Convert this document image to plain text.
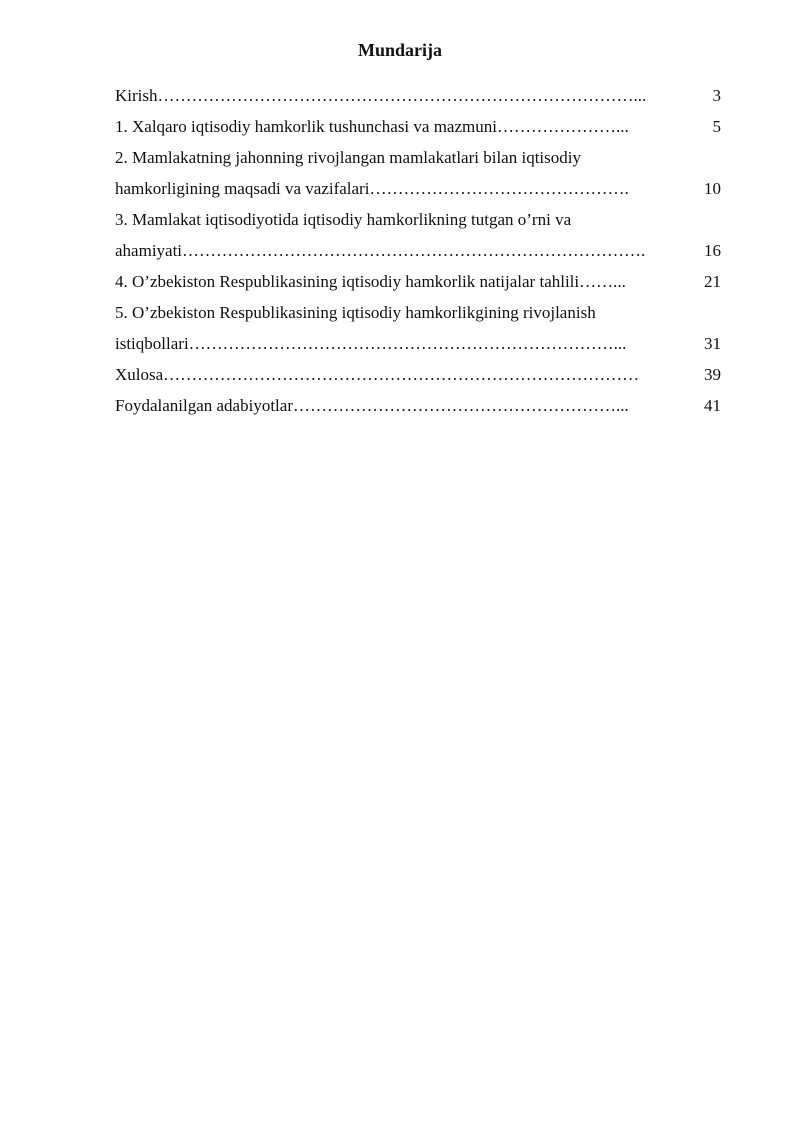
Mundarija
Kirish…………………………………………………………………………...	3
1. Xalqaro iqtisodiy hamkorlik tushunchasi va mazmuni…………………...	5
2. Mamlakatning jahonning rivojlangan mamlakatlari bilan iqtisodiy
hamkorligining maqsadi va vazifalari……………………………………….	10
3. Mamlakat iqtisodiyotida iqtisodiy hamkorlikning tutgan o’rni va
ahamiyati……………………………………………………………………….	16
4. O’zbekiston Respublikasining iqtisodiy hamkorlik natijalar tahlili……...	21
5. O’zbekiston Respublikasining iqtisodiy hamkorlikgining rivojlanish
istiqbollari…………………………………………………………………...	31
Xulosa…………………………………………………………………………	39
Foydalanilgan adabiyotlar…………………………………………………...	41
